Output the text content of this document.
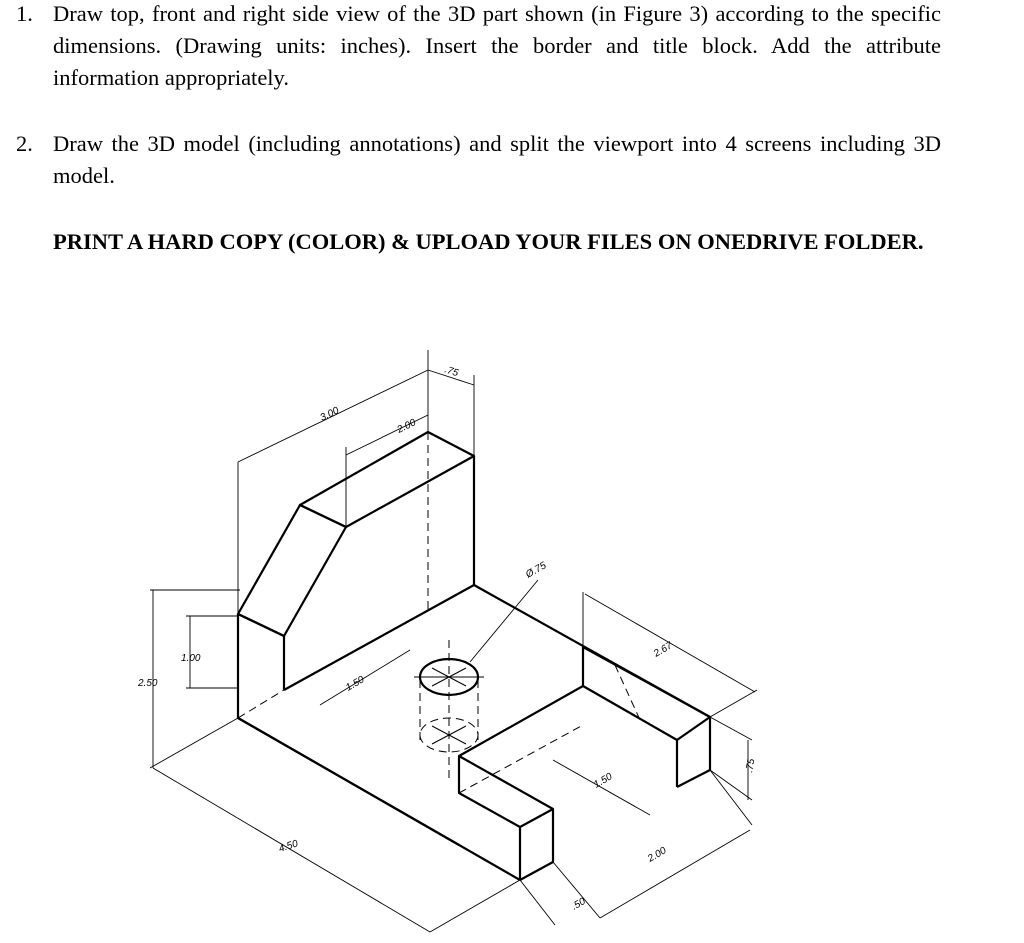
1. Draw top, front and right side view of the 3D part shown (in Figure 3) according to the specific dimensions. (Drawing units: inches). Insert the border and title block. Add the attribute information appropriately.
2. Draw the 3D model (including annotations) and split the viewport into 4 screens including 3D model.
PRINT A HARD COPY (COLOR) & UPLOAD YOUR FILES ON ONEDRIVE FOLDER.
3.00
2.00
.75
Ø.75
2.50
1.00
1.50
2.67
1.50
.75
4.50	2.00
.50
